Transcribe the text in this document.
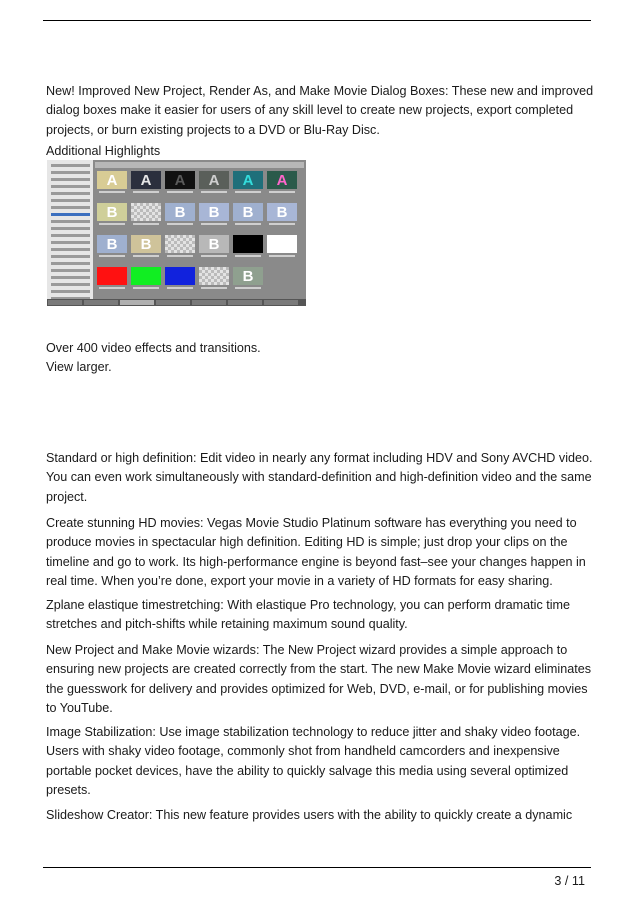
New! Improved New Project, Render As, and Make Movie Dialog Boxes: These new and improved dialog boxes make it easier for users of any skill level to create new projects, export completed projects, or burn existing projects to a DVD or Blu-Ray Disc.

Additional Highlights

A	A	A	A	A	A
B	B	B	B	B
B	B	B
B

Over 400 video effects and transitions.
View larger.

Standard or high definition: Edit video in nearly any format including HDV and Sony AVCHD video. You can even work simultaneously with standard-definition and high-definition video and the same project.

Create stunning HD movies: Vegas Movie Studio Platinum software has everything you need to produce movies in spectacular high definition. Editing HD is simple; just drop your clips on the timeline and go to work. Its high-performance engine is beyond fast–see your changes happen in real time. When you’re done, export your movie in a variety of HD formats for easy sharing.

Zplane elastique timestretching: With elastique Pro technology, you can perform dramatic time stretches and pitch-shifts while retaining maximum sound quality.

New Project and Make Movie wizards: The New Project wizard provides a simple approach to ensuring new projects are created correctly from the start. The new Make Movie wizard eliminates the guesswork for delivery and provides optimized for Web, DVD, e-mail, or for publishing movies to YouTube.

Image Stabilization: Use image stabilization technology to reduce jitter and shaky video footage. Users with shaky video footage, commonly shot from handheld camcorders and inexpensive portable pocket devices, have the ability to quickly salvage this media using several optimized presets.

Slideshow Creator: This new feature provides users with the ability to quickly create a dynamic

3 / 11
